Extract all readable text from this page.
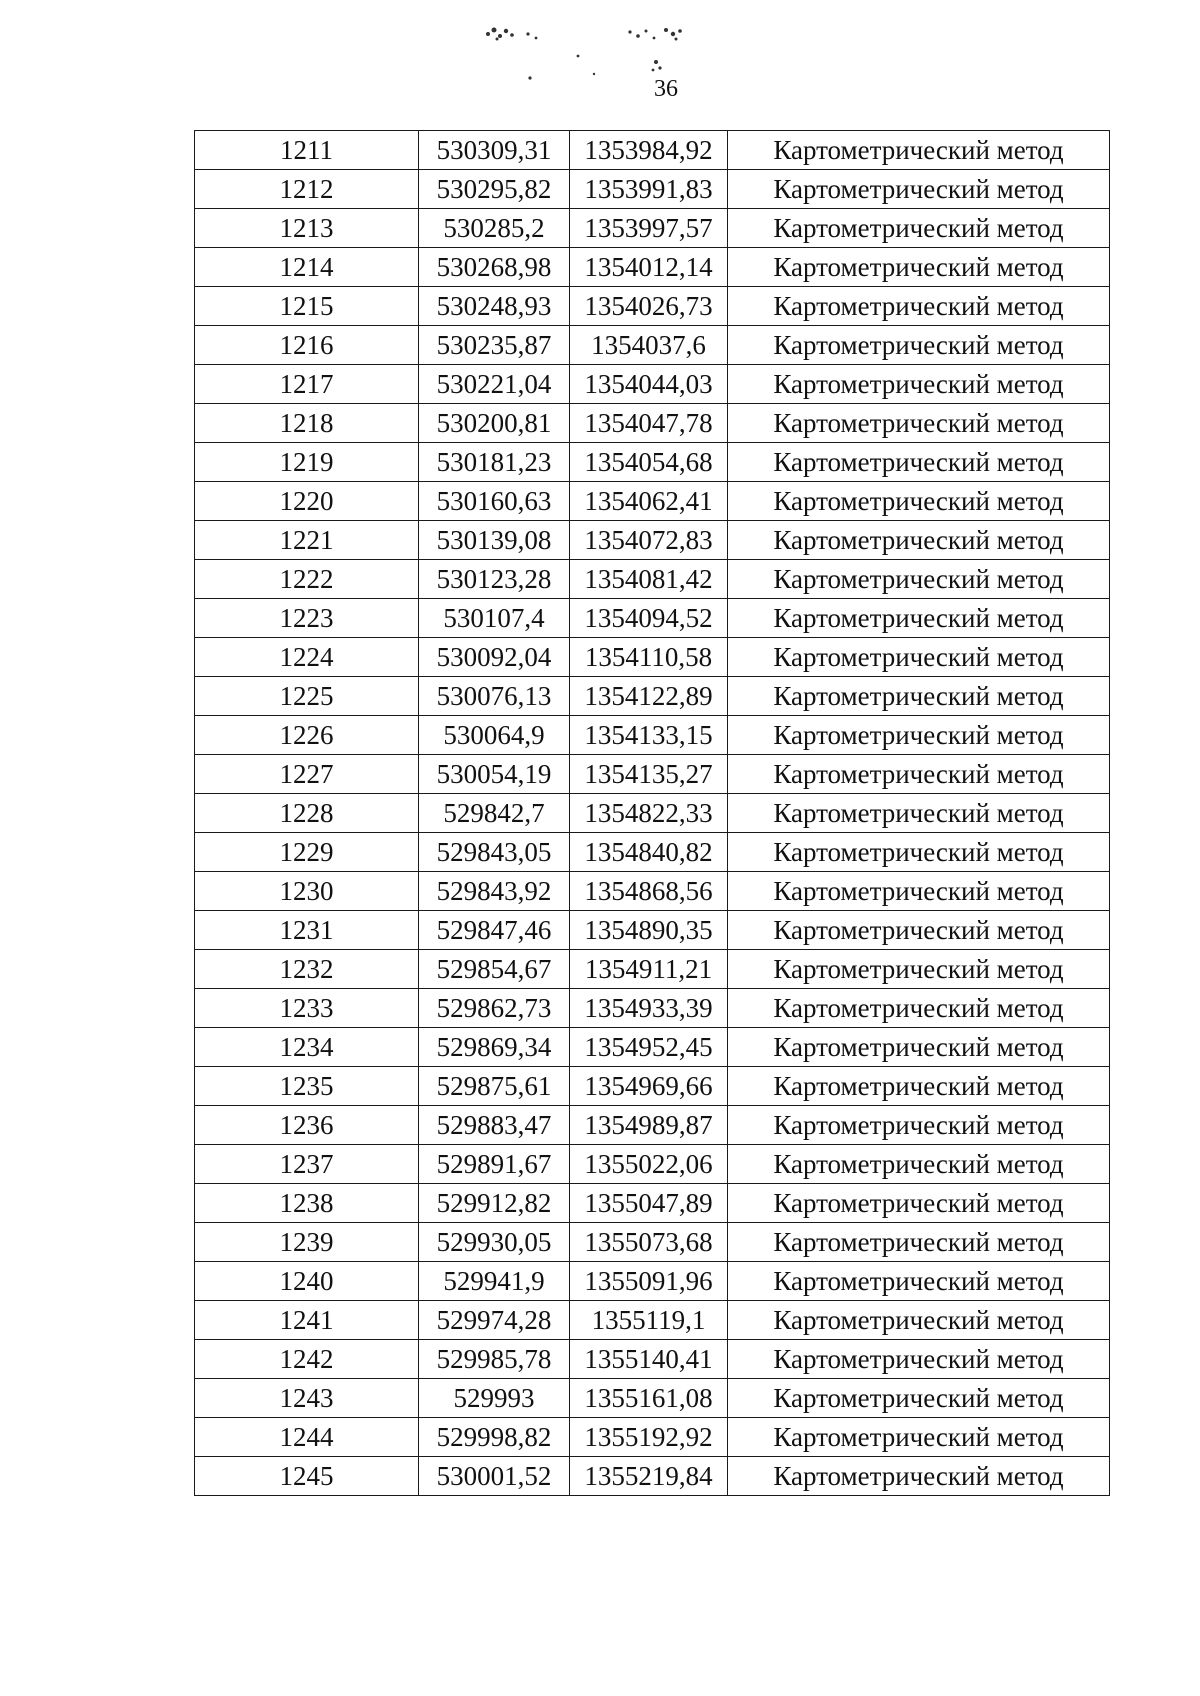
36
1211	530309,31	1353984,92	Картометрический метод
1212	530295,82	1353991,83	Картометрический метод
1213	530285,2	1353997,57	Картометрический метод
1214	530268,98	1354012,14	Картометрический метод
1215	530248,93	1354026,73	Картометрический метод
1216	530235,87	1354037,6	Картометрический метод
1217	530221,04	1354044,03	Картометрический метод
1218	530200,81	1354047,78	Картометрический метод
1219	530181,23	1354054,68	Картометрический метод
1220	530160,63	1354062,41	Картометрический метод
1221	530139,08	1354072,83	Картометрический метод
1222	530123,28	1354081,42	Картометрический метод
1223	530107,4	1354094,52	Картометрический метод
1224	530092,04	1354110,58	Картометрический метод
1225	530076,13	1354122,89	Картометрический метод
1226	530064,9	1354133,15	Картометрический метод
1227	530054,19	1354135,27	Картометрический метод
1228	529842,7	1354822,33	Картометрический метод
1229	529843,05	1354840,82	Картометрический метод
1230	529843,92	1354868,56	Картометрический метод
1231	529847,46	1354890,35	Картометрический метод
1232	529854,67	1354911,21	Картометрический метод
1233	529862,73	1354933,39	Картометрический метод
1234	529869,34	1354952,45	Картометрический метод
1235	529875,61	1354969,66	Картометрический метод
1236	529883,47	1354989,87	Картометрический метод
1237	529891,67	1355022,06	Картометрический метод
1238	529912,82	1355047,89	Картометрический метод
1239	529930,05	1355073,68	Картометрический метод
1240	529941,9	1355091,96	Картометрический метод
1241	529974,28	1355119,1	Картометрический метод
1242	529985,78	1355140,41	Картометрический метод
1243	529993	1355161,08	Картометрический метод
1244	529998,82	1355192,92	Картометрический метод
1245	530001,52	1355219,84	Картометрический метод
